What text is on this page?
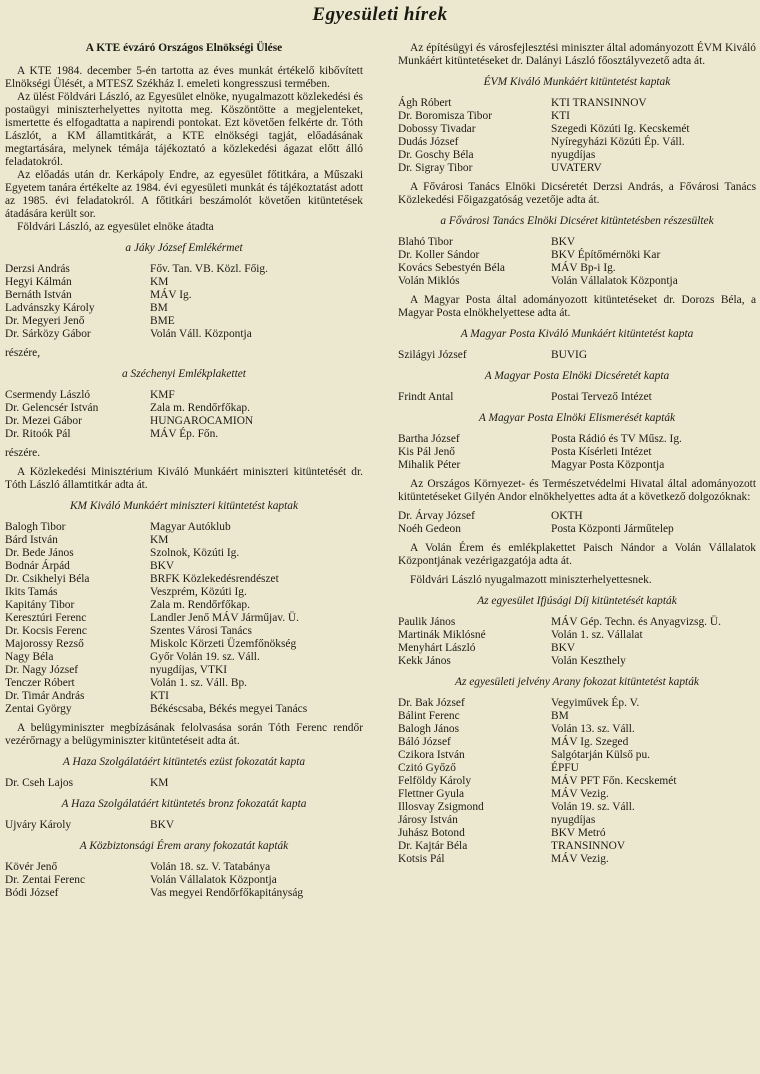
Egyesületi hírek
A KTE évzáró Országos Elnökségi Ülése

A KTE 1984. december 5-én tartotta az éves munkát értékelő kibővített Elnökségi Ülését, a MTESZ Székház I. emeleti kongresszusi termében.

Az ülést Földvári László, az Egyesület elnöke, nyugalmazott közlekedési és postaügyi miniszterhelyettes nyitotta meg. Köszöntötte a megjelenteket, ismertette és elfogadtatta a napirendi pontokat. Ezt követően felkérte dr. Tóth Lászlót, a KM államtitkárát, a KTE elnökségi tagját, előadásának megtartására, melynek témája tájékoztató a közlekedési ágazat előtt álló feladatokról.

Az előadás után dr. Kerkápoly Endre, az egyesület főtitkára, a Műszaki Egyetem tanára értékelte az 1984. évi egyesületi munkát és tájékoztatást adott az 1985. évi feladatokról. A főtitkári beszámolót követően kitüntetések átadására került sor.

Földvári László, az egyesület elnöke átadta

a Jáky József Emlékérmet
Derzsi András	Főv. Tan. VB. Közl. Főig.
Hegyi Kálmán	KM
Bernáth István	MÁV Ig.
Ladvánszky Károly	BM
Dr. Megyeri Jenő	BME
Dr. Sárközy Gábor	Volán Váll. Központja

részére,

a Széchenyi Emlékplakettet
Csermendy László	KMF
Dr. Gelencsér István	Zala m. Rendőrfőkap.
Dr. Mezei Gábor	HUNGAROCAMION
Dr. Ritoók Pál	MÁV Ép. Főn.

részére.

A Közlekedési Minisztérium Kiváló Munkáért miniszteri kitüntetését dr. Tóth László államtitkár adta át.

KM Kiváló Munkáért miniszteri kitüntetést kaptak
Balogh Tibor	Magyar Autóklub
Bárd István	KM
Dr. Bede János	Szolnok, Közúti Ig.
Bodnár Árpád	BKV
Dr. Csikhelyi Béla	BRFK Közlekedésrendészet
Ikits Tamás	Veszprém, Közúti Ig.
Kapitány Tibor	Zala m. Rendőrfőkap.
Keresztúri Ferenc	Landler Jenő MÁV Járműjav. Ü.
Dr. Kocsis Ferenc	Szentes Városi Tanács
Majorossy Rezső	Miskolc Körzeti Üzemfőnökség
Nagy Béla	Győr Volán 19. sz. Váll.
Dr. Nagy József	nyugdíjas, VTKI
Tenczer Róbert	Volán 1. sz. Váll. Bp.
Dr. Timár András	KTI
Zentai György	Békéscsaba, Békés megyei Tanács

A belügyminiszter megbízásának felolvasása során Tóth Ferenc rendőr vezérőrnagy a belügyminiszter kitüntetéseit adta át.

A Haza Szolgálatáért kitüntetés ezüst fokozatát kapta
Dr. Cseh Lajos	KM
A Haza Szolgálatáért kitüntetés bronz fokozatát kapta
Ujváry Károly	BKV
A Közbiztonsági Érem arany fokozatát kapták
Kövér Jenő	Volán 18. sz. V. Tatabánya
Dr. Zentai Ferenc	Volán Vállalatok Központja
Bódi József	Vas megyei Rendőrfőkapitányság

Az építésügyi és városfejlesztési miniszter által adományozott ÉVM Kiváló Munkáért kitüntetéseket dr. Dalányi László főosztályvezető adta át.

ÉVM Kiváló Munkáért kitüntetést kaptak
Ágh Róbert	KTI TRANSINNOV
Dr. Boromisza Tibor	KTI
Dobossy Tivadar	Szegedi Közúti Ig. Kecskemét
Dudás József	Nyíregyházi Közúti Ép. Váll.
Dr. Goschy Béla	nyugdíjas
Dr. Sigray Tibor	UVATERV

A Fővárosi Tanács Elnöki Dicséretét Derzsi András, a Fővárosi Tanács Közlekedési Főigazgatóság vezetője adta át.

a Fővárosi Tanács Elnöki Dicséret kitüntetésben részesültek
Blahó Tibor	BKV
Dr. Koller Sándor	BKV Építőmérnöki Kar
Kovács Sebestyén Béla	MÁV Bp-i Ig.
Volán Miklós	Volán Vállalatok Központja

A Magyar Posta által adományozott kitüntetéseket dr. Dorozs Béla, a Magyar Posta elnökhelyettese adta át.

A Magyar Posta Kiváló Munkáért kitüntetést kapta
Szilágyi József	BUVIG
A Magyar Posta Elnöki Dicséretét kapta
Frindt Antal	Postai Tervező Intézet
A Magyar Posta Elnöki Elismerését kapták
Bartha József	Posta Rádió és TV Műsz. Ig.
Kis Pál Jenő	Posta Kísérleti Intézet
Mihalik Péter	Magyar Posta Központja

Az Országos Környezet- és Természetvédelmi Hivatal által adományozott kitüntetéseket Gilyén Andor elnökhelyettes adta át a következő dolgozóknak:

Dr. Árvay József	OKTH
Noéh Gedeon	Posta Központi Járműtelep

A Volán Érem és emlékplakettet Paisch Nándor a Volán Vállalatok Központjának vezérigazgatója adta át.

Földvári László nyugalmazott miniszterhelyettesnek.

Az egyesület Ifjúsági Díj kitüntetését kapták
Paulik János	MÁV Gép. Techn. és Anyagvizsg. Ü.
Martinák Miklósné	Volán 1. sz. Vállalat
Menyhárt László	BKV
Kekk János	Volán Keszthely
Az egyesületi jelvény Arany fokozat kitüntetést kapták
Dr. Bak József	Vegyiművek Ép. V.
Bálint Ferenc	BM
Balogh János	Volán 13. sz. Váll.
Báló József	MÁV Ig. Szeged
Czikora István	Salgótarján Külső pu.
Czitó Győző	ÉPFU
Felföldy Károly	MÁV PFT Főn. Kecskemét
Flettner Gyula	MÁV Vezig.
Illosvay Zsigmond	Volán 19. sz. Váll.
Járosy István	nyugdíjas
Juhász Botond	BKV Metró
Dr. Kajtár Béla	TRANSINNOV
Kotsis Pál	MÁV Vezig.
